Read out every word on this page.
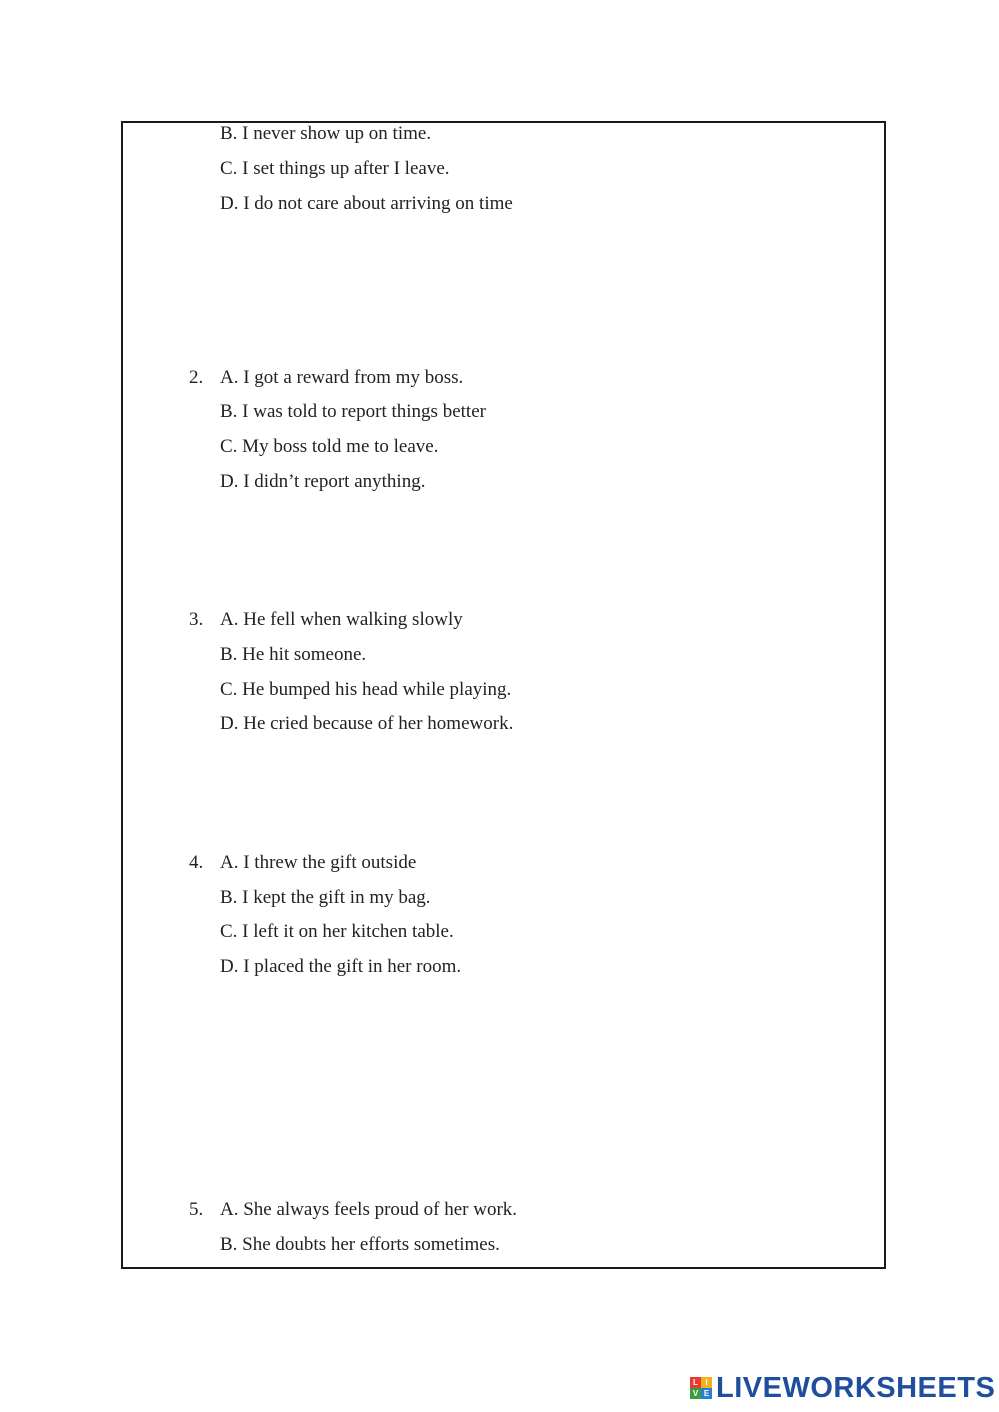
B. I never show up on time.
C. I set things up after I leave.
D. I do not care about arriving on time
2. A. I got a reward from my boss.
B. I was told to report things better
C. My boss told me to leave.
D. I didn’t report anything.
3. A. He fell when walking slowly
B. He hit someone.
C. He bumped his head while playing.
D. He cried because of her homework.
4. A. I threw the gift outside
B. I kept the gift in my bag.
C. I left it on her kitchen table.
D. I placed the gift in her room.
5. A. She always feels proud of her work.
B. She doubts her efforts sometimes.
L I
V E LIVEWORKSHEETS
